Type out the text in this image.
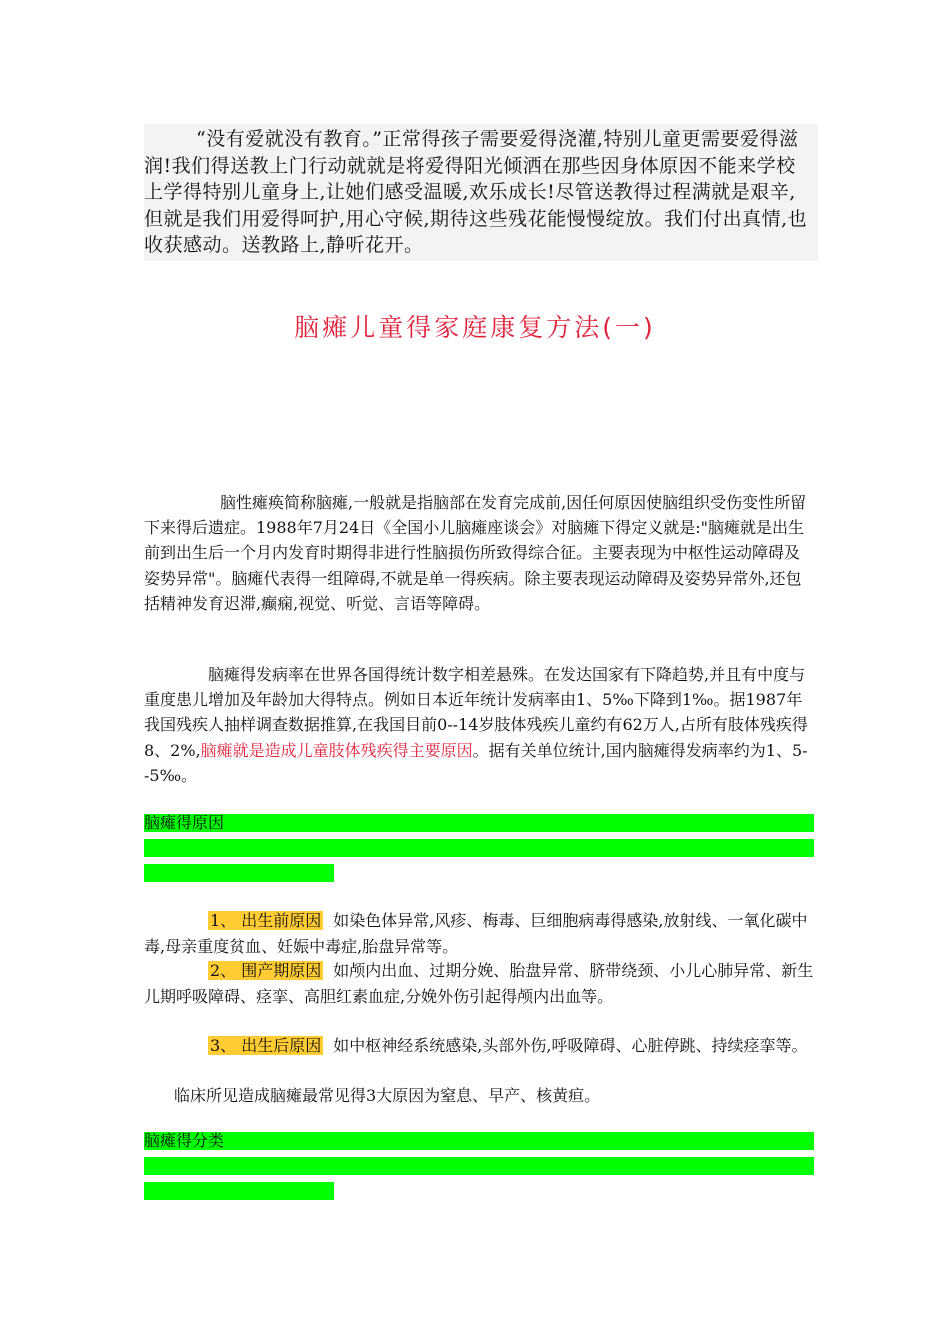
“没有爱就没有教育。”正常得孩子需要爱得浇灌,特别儿童更需要爱得滋润!我们得送教上门行动就就是将爱得阳光倾洒在那些因身体原因不能来学校上学得特别儿童身上,让她们感受温暖,欢乐成长!尽管送教得过程满就是艰辛,但就是我们用爱得呵护,用心守候,期待这些残花能慢慢绽放。我们付出真情,也收获感动。送教路上,静听花开。

脑瘫儿童得家庭康复方法(一)

脑性瘫痪简称脑瘫,一般就是指脑部在发育完成前,因任何原因使脑组织受伤变性所留下来得后遗症。1988年7月24日《全国小儿脑瘫座谈会》对脑瘫下得定义就是:"脑瘫就是出生前到出生后一个月内发育时期得非进行性脑损伤所致得综合征。主要表现为中枢性运动障碍及姿势异常"。脑瘫代表得一组障碍,不就是单一得疾病。除主要表现运动障碍及姿势异常外,还包括精神发育迟滞,癫痫,视觉、听觉、言语等障碍。

脑瘫得发病率在世界各国得统计数字相差悬殊。在发达国家有下降趋势,并且有中度与重度患儿增加及年龄加大得特点。例如日本近年统计发病率由1、5‰下降到1‰。据1987年我国残疾人抽样调查数据推算,在我国目前0--14岁肢体残疾儿童约有62万人,占所有肢体残疾得8、2%,脑瘫就是造成儿童肢体残疾得主要原因。据有关单位统计,国内脑瘫得发病率约为1、5--5‰。

脑瘫得原因

1、 出生前原因 如染色体异常,风疹、梅毒、巨细胞病毒得感染,放射线、一氧化碳中毒,母亲重度贫血、妊娠中毒症,胎盘异常等。

2、 围产期原因 如颅内出血、过期分娩、胎盘异常、脐带绕颈、小儿心肺异常、新生儿期呼吸障碍、痉挛、高胆红素血症,分娩外伤引起得颅内出血等。

3、 出生后原因 如中枢神经系统感染,头部外伤,呼吸障碍、心脏停跳、持续痉挛等。

临床所见造成脑瘫最常见得3大原因为窒息、早产、核黄疸。

脑瘫得分类
